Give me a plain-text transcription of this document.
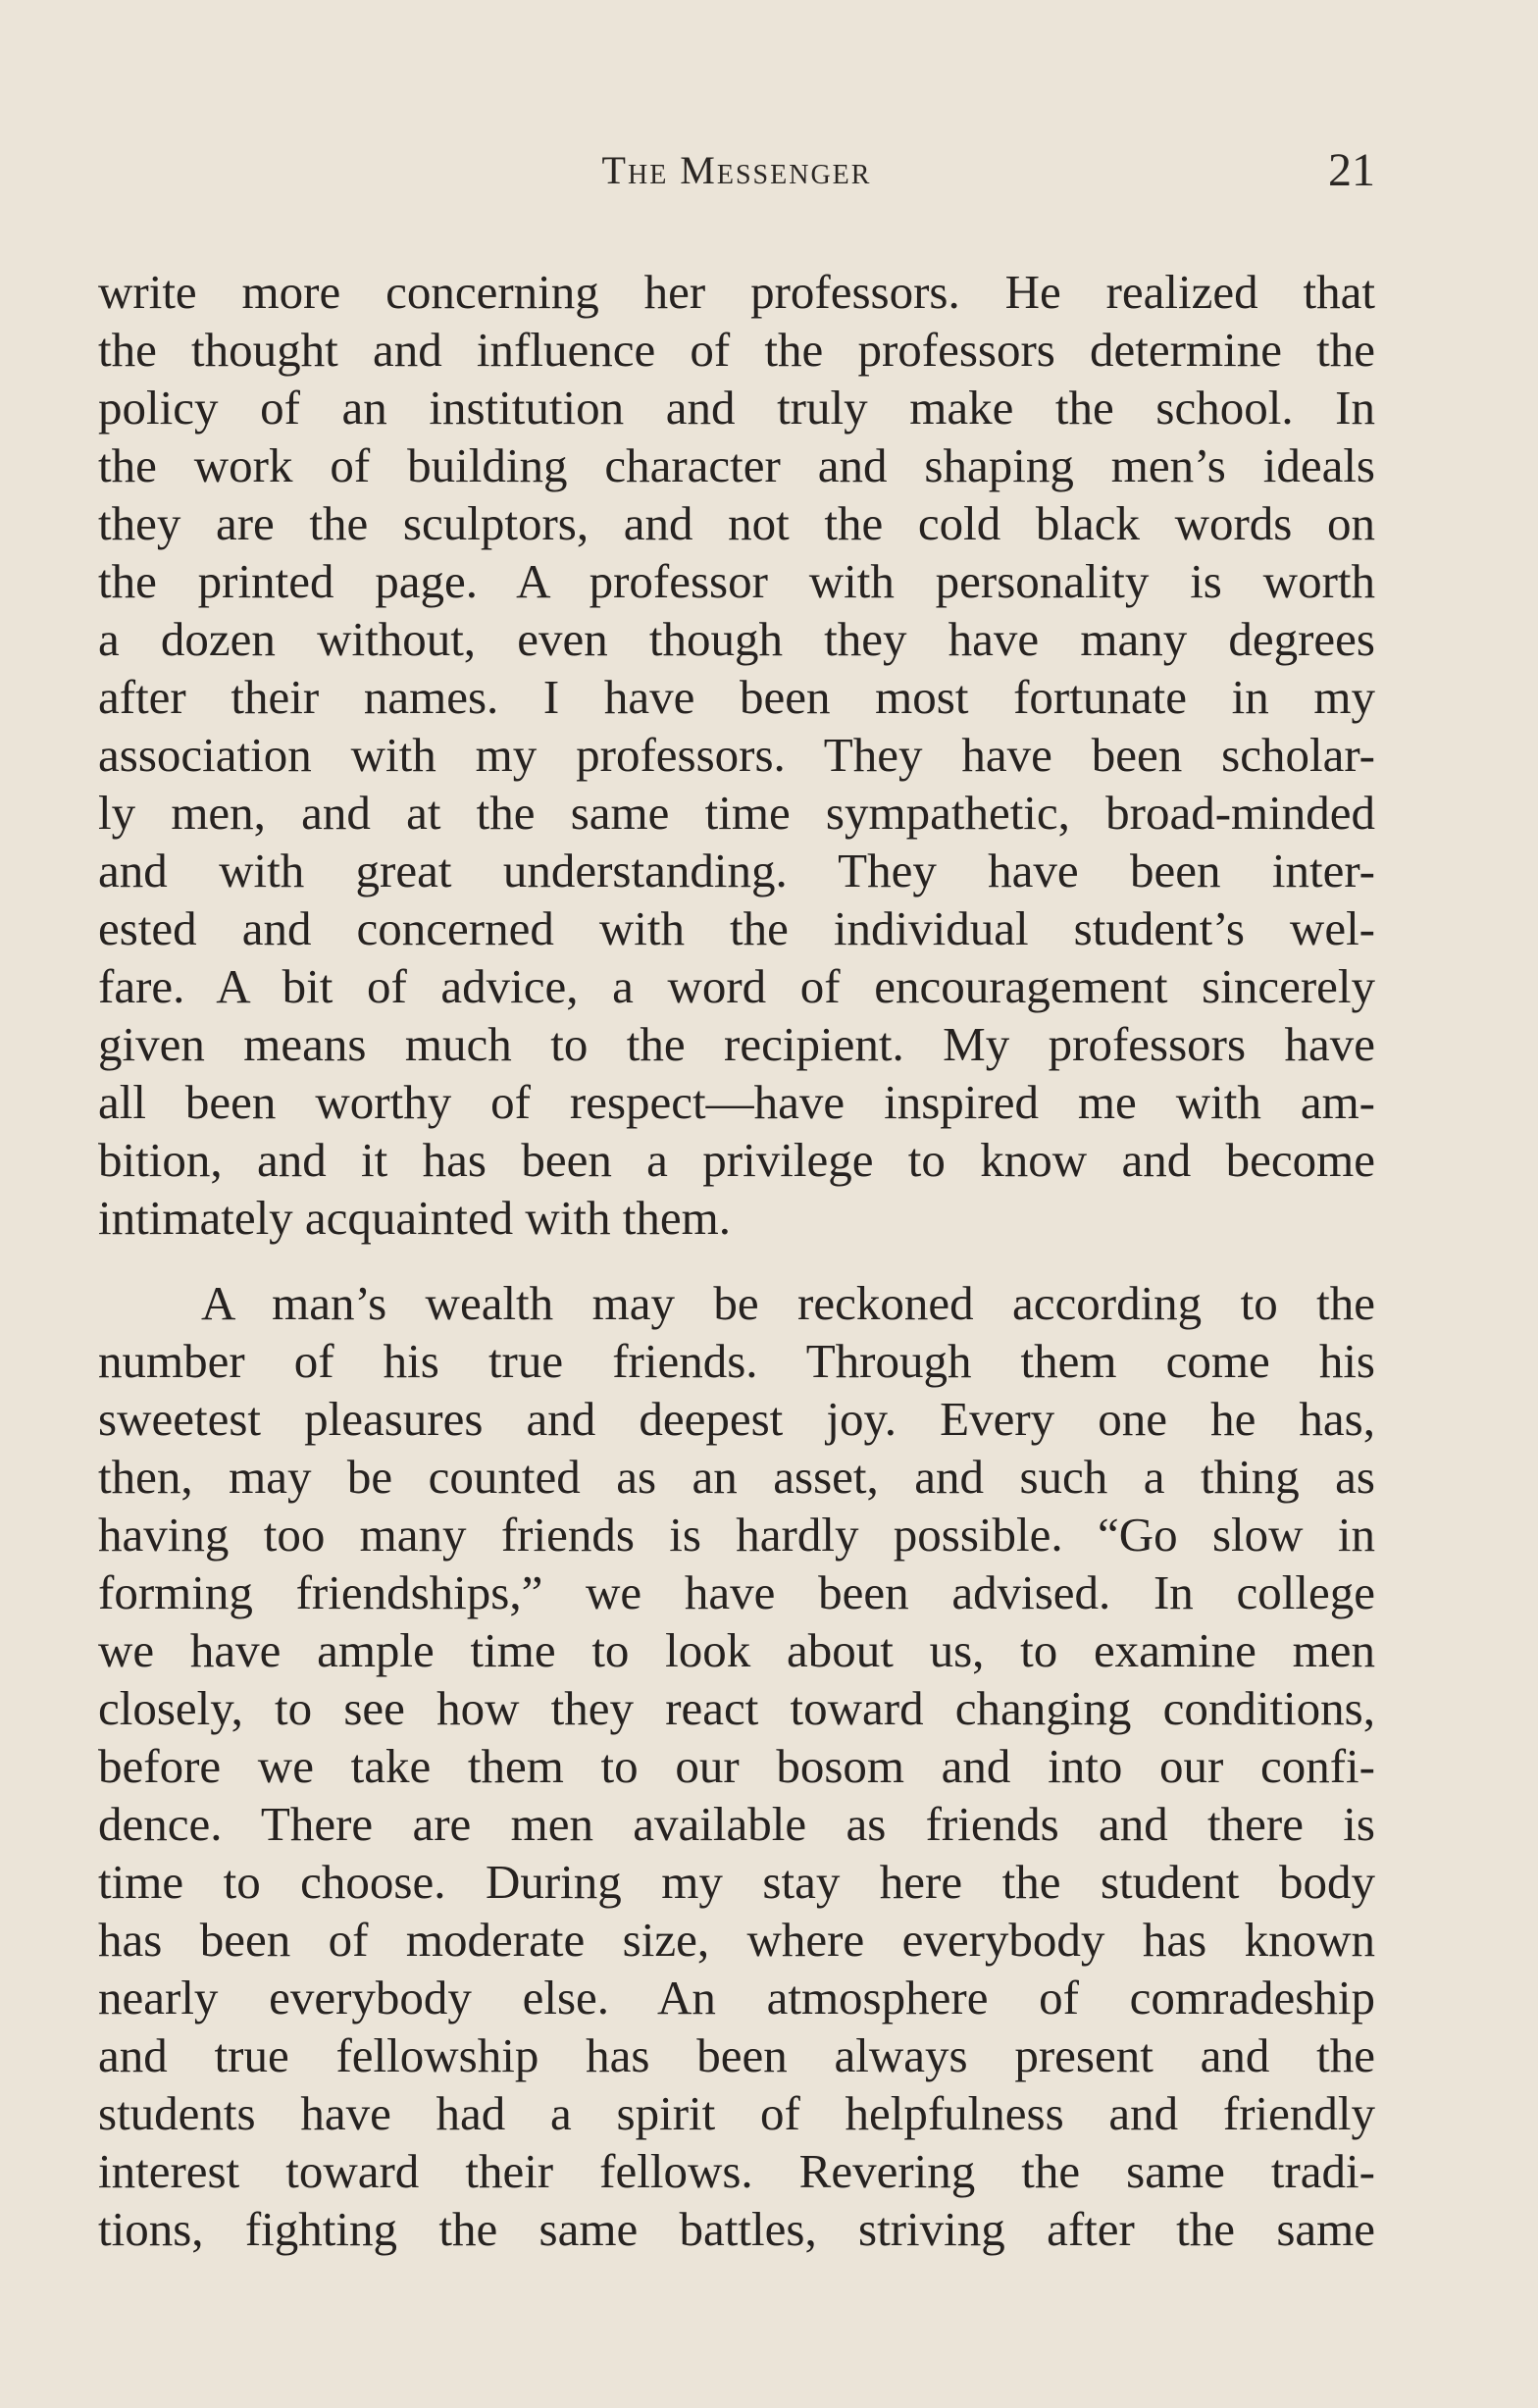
The Messenger	21
write more concerning her professors. He realized that
the thought and influence of the professors determine the
policy of an institution and truly make the school. In
the work of building character and shaping men’s ideals
they are the sculptors, and not the cold black words on
the printed page. A professor with personality is worth
a dozen without, even though they have many degrees
after their names. I have been most fortunate in my
association with my professors. They have been scholar-
ly men, and at the same time sympathetic, broad-minded
and with great understanding. They have been inter-
ested and concerned with the individual student’s wel-
fare. A bit of advice, a word of encouragement sincerely
given means much to the recipient. My professors have
all been worthy of respect—have inspired me with am-
bition, and it has been a privilege to know and become
intimately acquainted with them.
A man’s wealth may be reckoned according to the
number of his true friends. Through them come his
sweetest pleasures and deepest joy. Every one he has,
then, may be counted as an asset, and such a thing as
having too many friends is hardly possible. “Go slow in
forming friendships,” we have been advised. In college
we have ample time to look about us, to examine men
closely, to see how they react toward changing conditions,
before we take them to our bosom and into our confi-
dence. There are men available as friends and there is
time to choose. During my stay here the student body
has been of moderate size, where everybody has known
nearly everybody else. An atmosphere of comradeship
and true fellowship has been always present and the
students have had a spirit of helpfulness and friendly
interest toward their fellows. Revering the same tradi-
tions, fighting the same battles, striving after the same
